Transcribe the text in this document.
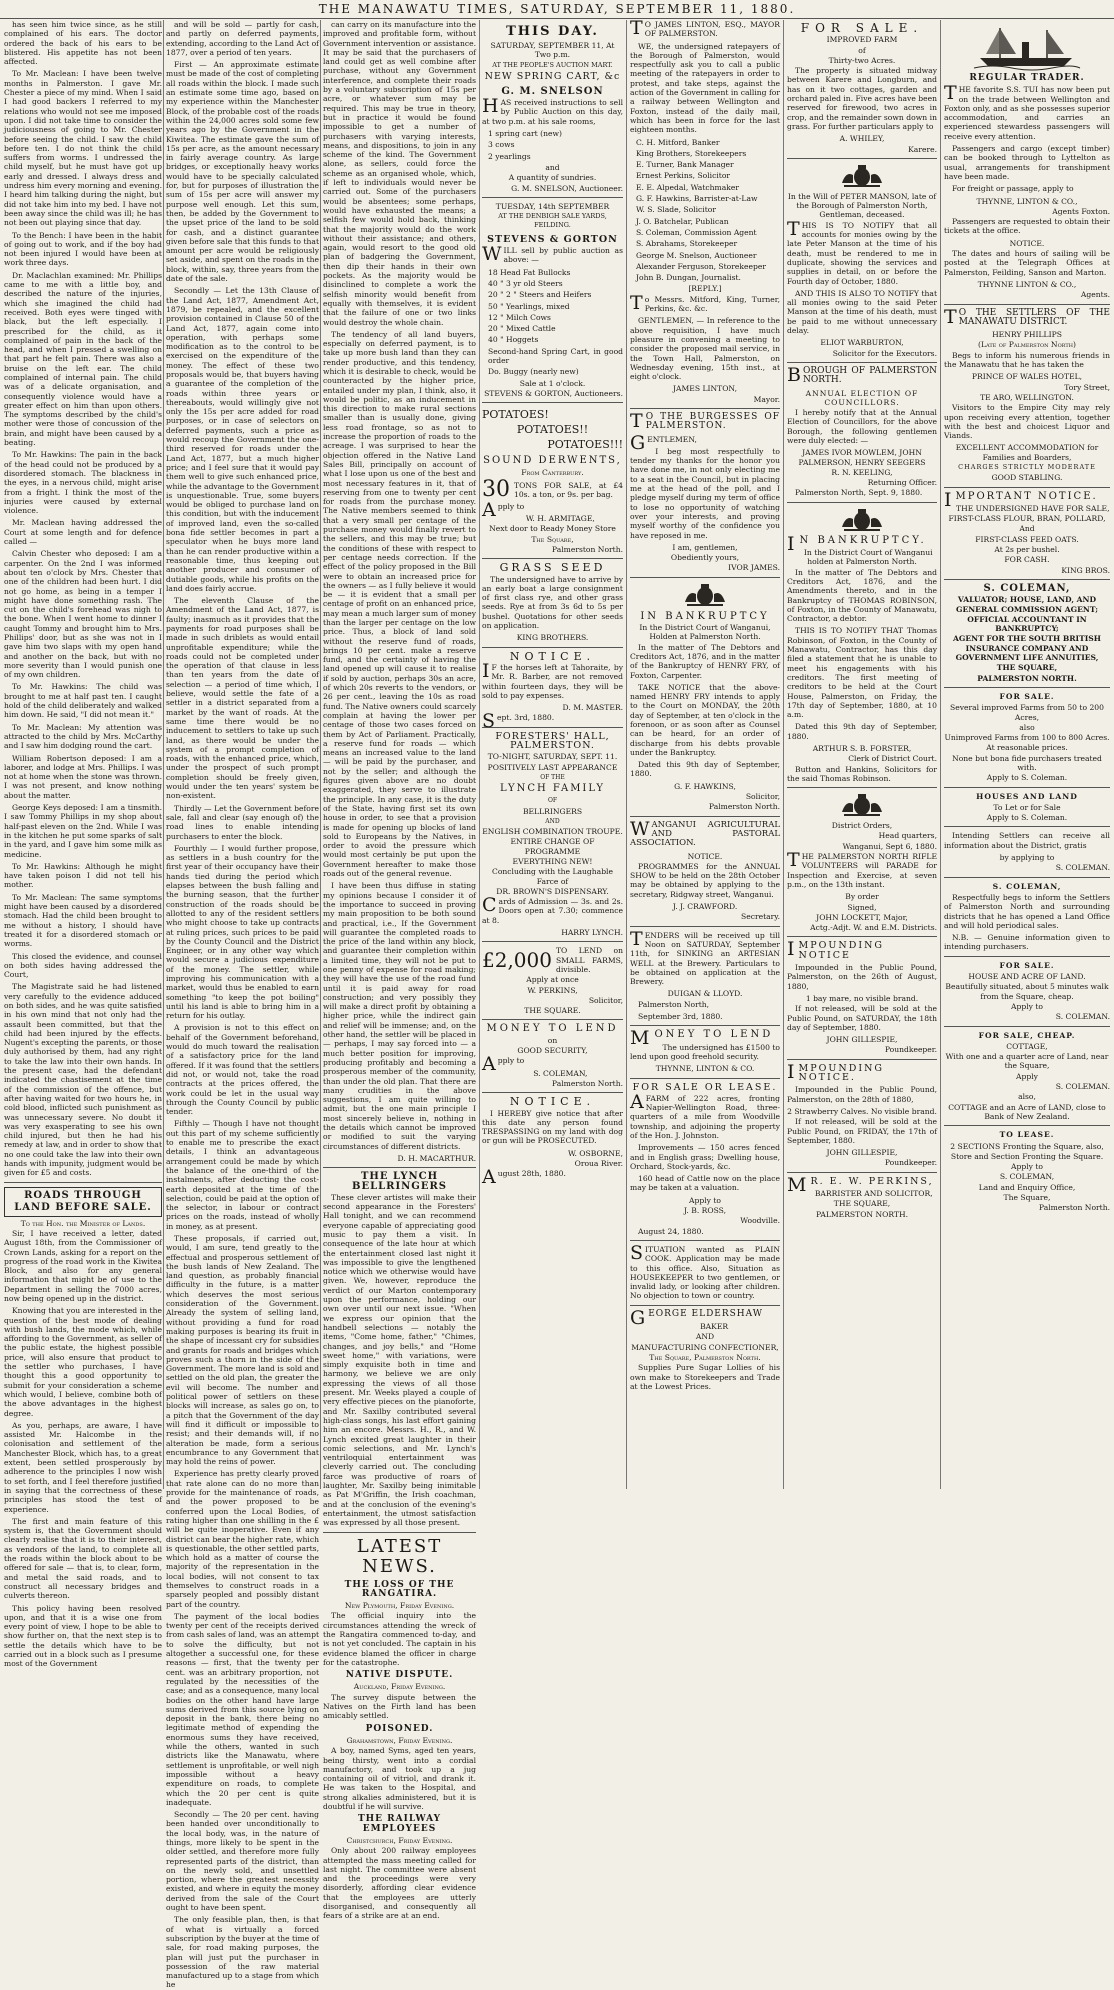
THE MANAWATU TIMES, SATURDAY, SEPTEMBER 11, 1880.

has seen him twice since, as he still complained of his ears. The doctor ordered the back of his ears to be blistered. His appetite has not been affected.

To Mr. Maclean: I have been twelve months in Palmerston. I gave Mr. Chester a piece of my mind. When I said I had good backers I referred to my relations who would not see me imposed upon. I did not take time to consider the judiciousness of going to Mr. Chester before seeing the child. I saw the child before ten. I do not think the child suffers from worms. I undressed the child myself, but he must have got up early and dressed. I always dress and undress him every morning and evening. I heard him talking during the night, but did not take him into my bed. I have not been away since the child was ill; he has not been out playing since that day.

To the Bench: I have been in the habit of going out to work, and if the boy had not been injured I would have been at work three days.

Dr. Maclachlan examined: Mr. Phillips came to me with a little boy, and described the nature of the injuries, which she imagined the child had received. Both eyes were tinged with black, but the left especially. I prescribed for the child, as it complained of pain in the back of the head, and when I pressed a swelling on that part he felt pain. There was also a bruise on the left ear. The child complained of internal pain. The child was of a delicate organisation, and consequently violence would have a greater effect on him than upon others. The symptoms described by the child's mother were those of concussion of the brain, and might have been caused by a beating.

To Mr. Hawkins: The pain in the back of the head could not be produced by a disordered stomach. The blackness in the eyes, in a nervous child, might arise from a fright. I think the most of the injuries were caused by external violence.

Mr. Maclean having addressed the Court at some length and for defence called —

Calvin Chester who deposed: I am a carpenter. On the 2nd I was informed about ten o'clock by Mrs. Chester that one of the children had been hurt. I did not go home, as being in a temper I might have done something rash. The cut on the child's forehead was nigh to the bone. When I went home to dinner I caught Tommy and brought him to Mrs. Phillips' door, but as she was not in I gave him two slaps with my open hand and another on the back, but with no more severity than I would punish one of my own children.

To Mr. Hawkins: The child was brought to me at half past ten. I caught hold of the child deliberately and walked him down. He said, "I did not mean it."

To Mr. Maclean: My attention was attracted to the child by Mrs. McCarthy and I saw him dodging round the cart.

William Robertson deposed: I am a laborer, and lodge at Mrs. Phillips. I was not at home when the stone was thrown. I was not present, and know nothing about the matter.

George Keys deposed: I am a tinsmith. I saw Tommy Phillips in my shop about half-past eleven on the 2nd. While I was in the kitchen he put some sparks of salt in the yard, and I gave him some milk as medicine.

To Mr. Hawkins: Although he might have taken poison I did not tell his mother.

To Mr. Maclean: The same symptoms might have been caused by a disordered stomach. Had the child been brought to me without a history, I should have treated it for a disordered stomach or worms.

This closed the evidence, and counsel on both sides having addressed the Court,

The Magistrate said he had listened very carefully to the evidence adduced on both sides, and he was quite satisfied in his own mind that not only had the assault been committed, but that the child had been injured by the effects. Nugent's excepting the parents, or those duly authorised by them, had any right to take the law into their own hands. In the present case, had the defendant indicated the chastisement at the time of the commission of the offence, but after having waited for two hours he, in cold blood, inflicted such punishment as was unnecessary severe. No doubt it was very exasperating to see his own child injured, but then he had his remedy at law, and in order to show that no one could take the law into their own hands with impunity, judgment would be given for £5 and costs.

ROADS THROUGH LAND BEFORE SALE.

To the Hon. the Minister of Lands.

Sir, I have received a letter, dated August 18th, from the Commissioner of Crown Lands, asking for a report on the progress of the road work in the Kiwitea Block, and also for any general information that might be of use to the Department in selling the 7000 acres, now being opened up in the district.

Knowing that you are interested in the question of the best mode of dealing with bush lands, the mode which, while affording to the Government, as seller of the public estate, the highest possible price, will also ensure that product to the settler who purchases, I have thought this a good opportunity to submit for your consideration a scheme which would, I believe, combine both of the above advantages in the highest degree.

As you, perhaps, are aware, I have assisted Mr. Halcombe in the colonisation and settlement of the Manchester Block, which has, to a great extent, been settled prosperously by adherence to the principles I now wish to set forth, and I feel therefore justified in saying that the correctness of these principles has stood the test of experience.

The first and main feature of this system is, that the Government should clearly realise that it is to their interest, as vendors of the land, to complete all the roads within the block about to be offered for sale — that is, to clear, form, and metal the said roads, and to construct all necessary bridges and culverts thereon.

This policy having been resolved upon, and that it is a wise one from every point of view, I hope to be able to show further on, that the next step is to settle the details which have to be carried out in a block such as I presume most of the Government

and will be sold — partly for cash, and partly on deferred payments, extending, according to the Land Act of 1877, over a period of ten years.

First — An approximate estimate must be made of the cost of completing all roads within the block. I made such an estimate some time ago, based on my experience within the Manchester Block, of the probable cost of the roads within the 24,000 acres sold some few years ago by the Government in the Kiwitea. The estimate gave the sum of 15s per acre, as the amount necessary in fairly average country. As large bridges, or exceptionally heavy works would have to be specially calculated for, but for purposes of illustration the sum of 15s per acre will answer my purpose well enough. Let this sum, then, be added by the Government to the upset price of the land to be sold for cash, and a distinct guarantee given before sale that this funds to that amount per acre would be religiously set aside, and spent on the roads in the block, within, say, three years from the date of the sale.

Secondly — Let the 13th Clause of the Land Act, 1877, Amendment Act, 1879, be repealed, and the excellent provision contained in Clause 50 of the Land Act, 1877, again come into operation, with perhaps some modification as to the control to be exercised on the expenditure of the money. The effect of these two proposals would be, that buyers having a guarantee of the completion of the roads within three years or thereabouts, would willingly give not only the 15s per acre added for road purposes, or in case of selectors on deferred payments, such a price as would recoup the Government the one-third reserved for roads under the Land Act, 1877, but a much higher price; and I feel sure that it would pay them well to give such enhanced price, while the advantage to the Government is unquestionable. True, some buyers would be obliged to purchase land on this condition, but with the inducement of improved land, even the so-called bona fide settler becomes in part a speculator when he buys more land than he can render productive within a reasonable time, thus keeping out another producer and consumer of dutiable goods, while his profits on the land does fairly accrue.

The eleventh Clause of the Amendment of the Land Act, 1877, is faulty; inasmuch as it provides that the payments for road purposes shall be made in such driblets as would entail unprofitable expenditure; while the roads could not be completed under the operation of that clause in less than ten years from the date of selection — a period of time which, I believe, would settle the fate of a settler in a district separated from a market by the want of roads. At the same time there would be no inducement to settlers to take up such land, as there would be under the system of a prompt completion of roads, with the enhanced price, which, under the prospect of such prompt completion should be freely given, would under the ten years' system be non-existent.

Thirdly — Let the Government before sale, fall and clear (say enough of) the road lines to enable intending purchasers to enter the block.

Fourthly — I would further propose, as settlers in a bush country for the first year of their occupancy have their hands tied during the period which elapses between the bush falling and the burning season, that the further construction of the roads should be allotted to any of the resident settlers who might choose to take up contracts at ruling prices, such prices to be paid by the County Council and the District Engineer, or in any other way which would secure a judicious expenditure of the money. The settler, while improving his communication with a market, would thus be enabled to earn something "to keep the pot boiling" until his land is able to bring him in a return for his outlay.

A provision is not to this effect on behalf of the Government beforehand, would do much toward the realisation of a satisfactory price for the land offered. If it was found that the settlers did not, or would not, take the road contracts at the prices offered, the work could be let in the usual way through the County Council by public tender.

Fifthly — Though I have not thought out this part of my scheme sufficiently to enable me to prescribe the exact details, I think an advantageous arrangement could be made by which the balance of the one-third of the instalments, after deducting the cost-earth deposited at the time of the selection, could be paid at the option of the selector, in labour or contract prices on the roads, instead of wholly in money, as at present.

These proposals, if carried out, would, I am sure, tend greatly to the effectual and prosperous settlement of the bush lands of New Zealand. The land question, as probably financial difficulty in the future, is a matter which deserves the most serious consideration of the Government. Already the system of selling land, without providing a fund for road making purposes is bearing its fruit in the shape of incessant cry for subsidies and grants for roads and bridges which proves such a thorn in the side of the Government. The more land is sold and settled on the old plan, the greater the evil will become. The number and political power of settlers on these blocks will increase, as sales go on, to a pitch that the Government of the day will find it difficult or impossible to resist; and their demands will, if no alteration be made, form a serious encumbrance to any Government that may hold the reins of power.

Experience has pretty clearly proved that rate alone can do no more than provide for the maintenance of roads, and the power proposed to be conferred upon the Local Bodies, of rating higher than one shilling in the £ will be quite inoperative. Even if any district can bear the higher rate, which is questionable, the other settled parts, which hold as a matter of course the majority of the representation in the local bodies, will not consent to tax themselves to construct roads in a sparsely peopled and possibly distant part of the country.

The payment of the local bodies twenty per cent of the receipts derived from cash sales of land, was an attempt to solve the difficulty, but not altogether a successful one, for these reasons — first, that the twenty per cent. was an arbitrary proportion, not regulated by the necessities of the case; and as a consequence, many local bodies on the other hand have large sums derived from this source lying on deposit in the bank, there being no legitimate method of expending the enormous sums they have received, while the others, wanted in such districts like the Manawatu, where settlement is unprofitable, or well nigh impossible without a heavy expenditure on roads, to complete which the 20 per cent is quite inadequate.

Secondly — The 20 per cent. having been handed over unconditionally to the local body, was, in the nature of things, more likely to be spent in the older settled, and therefore more fully represented parts of the district, than on the newly sold, and unsettled portion, where the greatest necessity existed, and where in equity the money derived from the sale of the Court ought to have been spent.

The only feasible plan, then, is that of what is virtually a forced subscription by the buyer at the time of sale, for road making purposes, the plan will just put the purchaser in possession of the raw material manufactured up to a stage from which he

can carry on its manufacture into the improved and profitable form, without Government intervention or assistance. It may be said that the purchasers of land could get as well combine after purchase, without any Government interference, and complete their roads by a voluntary subscription of 15s per acre, or whatever sum may be required. This may be true in theory, but in practice it would be found impossible to get a number of purchasers with varying interests, means, and dispositions, to join in any scheme of the kind. The Government alone, as sellers, could force the scheme as an organised whole, which, if left to individuals would never be carried out. Some of the purchasers would be absentees; some perhaps, would have exhausted the means; a selfish few would hold back, thinking that the majority would do the work without their assistance; and others, again, would resort to the good old plan of badgering the Government, then dip their hands in their own pockets. As the majority would be disinclined to complete a work the selfish minority would benefit from equally with themselves, it is evident that the failure of one or two links would destroy the whole chain.

The tendency of all land buyers, especially on deferred payment, is to take up more bush land than they can render productive, and this tendency, which it is desirable to check, would be counteracted by the higher price, entailed under my plan, I think, also, it would be politic, as an inducement in this direction to make rural sections smaller than is usually done, giving less road frontage, so as not to increase the proportion of roads to the acreage. I was surprised to hear the objection offered in the Native Land Sales Bill, principally on account of what I lose upon us one of the best and most necessary features in it, that of reserving from one to twenty per cent for roads from the purchase money. The Native members seemed to think that a very small per centage of the purchase money would finally revert to the sellers, and this may be true; but the conditions of these with respect to per centage needs correction. If the effect of the policy proposed in the Bill were to obtain an increased price for the owners — as I fully believe it would be — it is evident that a small per centage of profit on an enhanced price, may mean a much larger sum of money than the larger per centage on the low price. Thus, a block of land sold without the reserve fund of roads, brings 10 per cent. make a reserve fund, and the certainty of having the land opened up will cause it to realise if sold by auction, perhaps 30s an acre, of which 20s reverts to the vendors, or 26 per cent., leaving the 10s as road fund. The Native owners could scarcely complain at having the lower per centage of those two cases forced on them by Act of Parliament. Practically, a reserve fund for roads — which means an increased value to the land — will be paid by the purchaser, and not by the seller; and although the figures given above are no doubt exaggerated, they serve to illustrate the principle. In any case, it is the duty of the State, having first set its own house in order, to see that a provision is made for opening up blocks of land sold to Europeans by the Natives, in order to avoid the pressure which would most certainly be put upon the Government hereafter to make those roads out of the general revenue.

I have been thus diffuse in stating my opinions because I consider it of the importance to succeed in proving my main proposition to be both sound and practical, i.e., If the Government will guarantee the completed roads to the price of the land within any block, and guarantee their completion within a limited time, they will not be put to one penny of expense for road making; they will have the use of the road fund until it is paid away for road construction; and very possibly they will make a direct profit by obtaining a higher price, while the indirect gain and relief will be immense; and, on the other hand, the settler will be placed in — perhaps, I may say forced into — a much better position for improving, producing profitably and becoming a prosperous member of the community, than under the old plan. That there are many crudities in the above suggestions, I am quite willing to admit, but the one main principle I most sincerely believe in, nothing in the details which cannot be improved or modified to suit the varying circumstances of different districts.

D. H. MACARTHUR.

THE LYNCH BELLRINGERS

These clever artistes will make their second appearance in the Foresters' Hall tonight, and we can recommend everyone capable of appreciating good music to pay them a visit. In consequence of the late hour at which the entertainment closed last night it was impossible to give the lengthened notice which we otherwise would have given. We, however, reproduce the verdict of our Marton contemporary upon the performance, holding our own over until our next issue. "When we express our opinion that the handbell selections — notably the items, "Come home, father," "Chimes, changes, and joy bells," and "Home sweet home," with variations, were simply exquisite both in time and harmony, we believe we are only expressing the views of all those present. Mr. Weeks played a couple of very effective pieces on the pianoforte, and Mr. Saxilby contributed several high-class songs, his last effort gaining him an encore. Messrs. H., R., and W. Lynch excited great laughter in their comic selections, and Mr. Lynch's ventriloquial entertainment was cleverly carried out. The concluding farce was productive of roars of laughter, Mr. Saxilby being inimitable as Pat M'Griffin, the Irish coachman, and at the conclusion of the evening's entertainment, the utmost satisfaction was expressed by all those present.

LATEST NEWS.
THE LOSS OF THE RANGATIRA.

New Plymouth, Friday Evening.

The official inquiry into the circumstances attending the wreck of the Rangatira commenced to-day, and is not yet concluded. The captain in his evidence blamed the officer in charge for the catastrophe.

NATIVE DISPUTE.

Auckland, Friday Evening.

The survey dispute between the Natives on the Firth land has been amicably settled.

POISONED.

Grahamstown, Friday Evening.

A boy, named Syms, aged ten years, being thirsty, went into a cordial manufactory, and took up a jug containing oil of vitriol, and drank it. He was taken to the Hospital, and strong alkalies administered, but it is doubtful if he will survive.

THE RAILWAY EMPLOYEES

Christchurch, Friday Evening.

Only about 200 railway employees attempted the mass meeting called for last night. The committee were absent and the proceedings were very disorderly, affording clear evidence that the employees are utterly disorganised, and consequently all fears of a strike are at an end.

THIS DAY.

SATURDAY, SEPTEMBER 11, At Two p.m.

AT THE PEOPLE'S AUCTION MART.

NEW SPRING CART, &c

G. M. SNELSON

HAS received instructions to sell by Public Auction on this day, at two p.m. at his sale rooms,

1 spring cart (new)

3 cows

2 yearlings

and

A quantity of sundries.

G. M. SNELSON, Auctioneer.

TUESDAY, 14th SEPTEMBER

AT THE DENBIGH SALE YARDS, FEILDING.

STEVENS & GORTON

WILL sell by public auction as above: —

18 Head Fat Bullocks

40 " 3 yr old Steers

20 " 2 " Steers and Heifers

50 " Yearlings, mixed

12 " Milch Cows

20 " Mixed Cattle

40 " Hoggets

Second-hand Spring Cart, in good order

Do. Buggy (nearly new)

Sale at 1 o'clock.

STEVENS & GORTON, Auctioneers.

POTATOES!
POTATOES!!
POTATOES!!!
SOUND DERWENTS,

From Canterbury.

30 TONS FOR SALE, at £4 10s. a ton, or 9s. per bag.

Apply to

W. H. ARMITAGE,

Next door to Ready Money Store

The Square,

Palmerston North.

GRASS SEED

The undersigned have to arrive by an early boat a large consignment of first class rye, and other grass seeds. Rye at from 3s 6d to 5s per bushel. Quotations for other seeds on application.

KING BROTHERS.

NOTICE.

IF the horses left at Tahoraite, by Mr. R. Barber, are not removed within fourteen days, they will be sold to pay expenses.

D. M. MASTER.

Sept. 3rd, 1880.

FORESTERS' HALL, PALMERSTON.

TO-NIGHT, SATURDAY, SEPT. 11.

POSITIVELY LAST APPEARANCE

OF THE

LYNCH FAMILY

OF

BELLRINGERS

AND

ENGLISH COMBINATION TROUPE.

ENTIRE CHANGE OF PROGRAMME

EVERYTHING NEW!

Concluding with the Laughable Farce of

DR. BROWN'S DISPENSARY.

Cards of Admission — 3s. and 2s. Doors open at 7.30; commence at 8.

HARRY LYNCH.

£2,000 TO LEND on SMALL FARMS, divisible.

Apply at once

W. PERKINS,

Solicitor,

THE SQUARE.

MONEY TO LEND

on

GOOD SECURITY,

Apply to

S. COLEMAN,

Palmerston North.

NOTICE.

I HEREBY give notice that after this date any person found TRESPASSING on my land with dog or gun will be PROSECUTED.

W. OSBORNE,

Oroua River.

August 28th, 1880.

TO JAMES LINTON, ESQ., MAYOR OF PALMERSTON.

WE, the undersigned ratepayers of the Borough of Palmerston, would respectfully ask you to call a public meeting of the ratepayers in order to protest, and take steps, against the action of the Government in calling for a railway between Wellington and Foxton, instead of the daily mail, which has been in force for the last eighteen months.

C. H. Mitford, Banker

King Brothers, Storekeepers

E. Turner, Bank Manager

Ernest Perkins, Solicitor

E. E. Alpedal, Watchmaker

G. F. Hawkins, Barrister-at-Law

W. S. Slade, Solicitor

J. O. Batchelar, Publican

S. Coleman, Commission Agent

S. Abrahams, Storekeeper

George M. Snelson, Auctioneer

Alexander Ferguson, Storekeeper

John B. Dungan, Journalist.

[REPLY.]

To Messrs. Mitford, King, Turner, Perkins, &c. &c.

GENTLEMEN, — In reference to the above requisition, I have much pleasure in convening a meeting to consider the proposed mail service, in the Town Hall, Palmerston, on Wednesday evening, 15th inst., at eight o'clock.

JAMES LINTON,

Mayor.

TO THE BURGESSES OF PALMERSTON.

GENTLEMEN,

I beg most respectfully to tender my thanks for the honor you have done me, in not only electing me to a seat in the Council, but in placing me at the head of the poll, and I pledge myself during my term of office to lose no opportunity of watching over your interests, and proving myself worthy of the confidence you have reposed in me.

I am, gentlemen,

Obediently yours,

IVOR JAMES.

IN BANKRUPTCY

In the District Court of Wanganui, Holden at Palmerston North.

In the matter of The Debtors and Creditors Act, 1876, and in the matter of the Bankruptcy of HENRY FRY, of Foxton, Carpenter.

TAKE NOTICE that the above-named HENRY FRY intends to apply to the Court on MONDAY, the 20th day of September, at ten o'clock in the forenoon, or as soon after as Counsel can be heard, for an order of discharge from his debts provable under the Bankruptcy.

Dated this 9th day of September, 1880.

G. F. HAWKINS,

Solicitor,

Palmerston North.

WANGANUI AGRICULTURAL AND PASTORAL ASSOCIATION.

NOTICE.

PROGRAMMES for the ANNUAL SHOW to be held on the 28th October may be obtained by applying to the secretary, Ridgway street, Wanganui.

J. J. CRAWFORD.

Secretary.

TENDERS will be received up till Noon on SATURDAY, September 11th, for SINKING an ARTESIAN WELL at the Brewery. Particulars to be obtained on application at the Brewery.

DUIGAN & LLOYD.

Palmerston North,

September 3rd, 1880.

MONEY TO LEND

The undersigned has £1500 to lend upon good freehold security.

THYNNE, LINTON & CO.

FOR SALE OR LEASE.

AFARM of 222 acres, fronting Napier-Wellington Road, three-quarters of a mile from Woodville township, and adjoining the property of the Hon. J. Johnston.

Improvements — 150 acres fenced and in English grass; Dwelling house, Orchard, Stock-yards, &c.

160 head of Cattle now on the place may be taken at a valuation.

Apply to

J. B. ROSS,

Woodville.

August 24, 1880.

SITUATION wanted as PLAIN COOK. Application may be made to this office. Also, Situation as HOUSEKEEPER to two gentlemen, or invalid lady, or looking after children. No objection to town or country.

GEORGE ELDERSHAW

BAKER

AND

MANUFACTURING CONFECTIONER,

The Square, Palmerston North.

Supplies Pure Sugar Lollies of his own make to Storekeepers and Trade at the Lowest Prices.

FOR SALE.

IMPROVED FARM

of

Thirty-two Acres.

The property is situated midway between Karere and Longburn, and has on it two cottages, garden and orchard paled in. Five acres have been reserved for firewood, two acres in crop, and the remainder sown down in grass. For further particulars apply to

A. WHILEY,

Karere.

In the Will of PETER MANSON, late of the Borough of Palmerston North, Gentleman, deceased.

THIS IS TO NOTIFY that all accounts for monies owing by the late Peter Manson at the time of his death, must be rendered to me in duplicate, showing the services and supplies in detail, on or before the Fourth day of October, 1880.

AND THIS IS ALSO TO NOTIFY that all monies owing to the said Peter Manson at the time of his death, must be paid to me without unnecessary delay.

ELIOT WARBURTON,

Solicitor for the Executors.

BOROUGH OF PALMERSTON NORTH.

ANNUAL ELECTION OF COUNCILLORS.

I hereby notify that at the Annual Election of Councillors, for the above Borough, the following gentlemen were duly elected: —

JAMES IVOR MOWLEM, JOHN PALMERSON, HENRY SEEGERS

R. N. KEELING,

Returning Officer.

Palmerston North, Sept. 9, 1880.

IN BANKRUPTCY.

In the District Court of Wanganui holden at Palmerston North.

In the matter of The Debtors and Creditors Act, 1876, and the Amendments thereto, and in the Bankruptcy of THOMAS ROBINSON, of Foxton, in the County of Manawatu, Contractor, a debtor.

THIS IS TO NOTIFY THAT Thomas Robinson, of Foxton, in the County of Manawatu, Contractor, has this day filed a statement that he is unable to meet his engagements with his creditors. The first meeting of creditors to be held at the Court House, Palmerston, on Friday, the 17th day of September, 1880, at 10 a.m.

Dated this 9th day of September, 1880.

ARTHUR S. B. FORSTER,

Clerk of District Court.

Button and Hankins, Solicitors for the said Thomas Robinson.

District Orders,

Head quarters,

Wanganui, Sept 6, 1880.

THE PALMERSTON NORTH RIFLE VOLUNTEERS will PARADE for Inspection and Exercise, at seven p.m., on the 13th instant.

By order

Signed,

JOHN LOCKETT, Major,

Actg.-Adjt. W. and E.M. Districts.

IMPOUNDING NOTICE

Impounded in the Public Pound, Palmerston, on the 26th of August, 1880,

1 bay mare, no visible brand.

If not released, will be sold at the Public Pound, on SATURDAY, the 18th day of September, 1880.

JOHN GILLESPIE,

Poundkeeper.

IMPOUNDING NOTICE.

Impounded in the Public Pound, Palmerston, on the 28th of 1880,

2 Strawberry Calves. No visible brand.

If not released, will be sold at the Public Pound, on FRIDAY, the 17th of September, 1880.

JOHN GILLESPIE,

Poundkeeper.

MR. E. W. PERKINS,

BARRISTER AND SOLICITOR,

THE SQUARE,

PALMERSTON NORTH.

REGULAR TRADER.

THE favorite S.S. TUI has now been put on the trade between Wellington and Foxton only, and as she possesses superior accommodation, and carries an experienced stewardess passengers will receive every attention.

Passengers and cargo (except timber) can be booked through to Lyttelton as usual, arrangements for transhipment have been made.

For freight or passage, apply to

THYNNE, LINTON & CO.,

Agents Foxton.

Passengers are requested to obtain their tickets at the office.

NOTICE.

The dates and hours of sailing will be posted at the Telegraph Offices at Palmerston, Feilding, Sanson and Marton.

THYNNE LINTON & CO.,

Agents.

TO THE SETTLERS OF THE MANAWATU DISTRICT.

HENRY PHILLIPS

(Late of Palmerston North)

Begs to inform his numerous friends in the Manawatu that he has taken the

PRINCE OF WALES HOTEL,

Tory Street,

TE ARO, WELLINGTON.

Visitors to the Empire City may rely upon receiving every attention, together with the best and choicest Liquor and Viands.

EXCELLENT ACCOMMODATION for Families and Boarders,

CHARGES STRICTLY MODERATE

GOOD STABLING.

IMPORTANT NOTICE.

THE UNDERSIGNED HAVE FOR SALE,

FIRST-CLASS FLOUR, BRAN, POLLARD,

And

FIRST-CLASS FEED OATS.

At 2s per bushel.

FOR CASH.

KING BROS.

S. COLEMAN,

VALUATOR; HOUSE, LAND, AND GENERAL COMMISSION AGENT;

OFFICIAL ACCOUNTANT IN BANKRUPTCY;

AGENT FOR THE SOUTH BRITISH INSURANCE COMPANY AND GOVERNMENT LIFE ANNUITIES,

THE SQUARE,

PALMERSTON NORTH.

FOR SALE.

Several improved Farms from 50 to 200 Acres,

also

Unimproved Farms from 100 to 800 Acres.

At reasonable prices.

None but bona fide purchasers treated with.

Apply to S. Coleman.

HOUSES AND LAND

To Let or for Sale

Apply to S. Coleman.

Intending Settlers can receive all information about the District, gratis

by applying to

S. COLEMAN.

S. COLEMAN,

Respectfully begs to inform the Settlers of Palmerston North and surrounding districts that he has opened a Land Office and will hold periodical sales.

N.B. — Genuine information given to intending purchasers.

FOR SALE.

HOUSE AND ACRE OF LAND.

Beautifully situated, about 5 minutes walk from the Square, cheap.

Apply to

S. COLEMAN.

FOR SALE, CHEAP.

COTTAGE,

With one and a quarter acre of Land, near the Square,

Apply

S. COLEMAN.

also,

COTTAGE and an Acre of LAND, close to Bank of New Zealand.

TO LEASE.

2 SECTIONS Fronting the Square, also,

Store and Section Fronting the Square.

Apply to

S. COLEMAN,

Land and Enquiry Office,

The Square,

Palmerston North.
